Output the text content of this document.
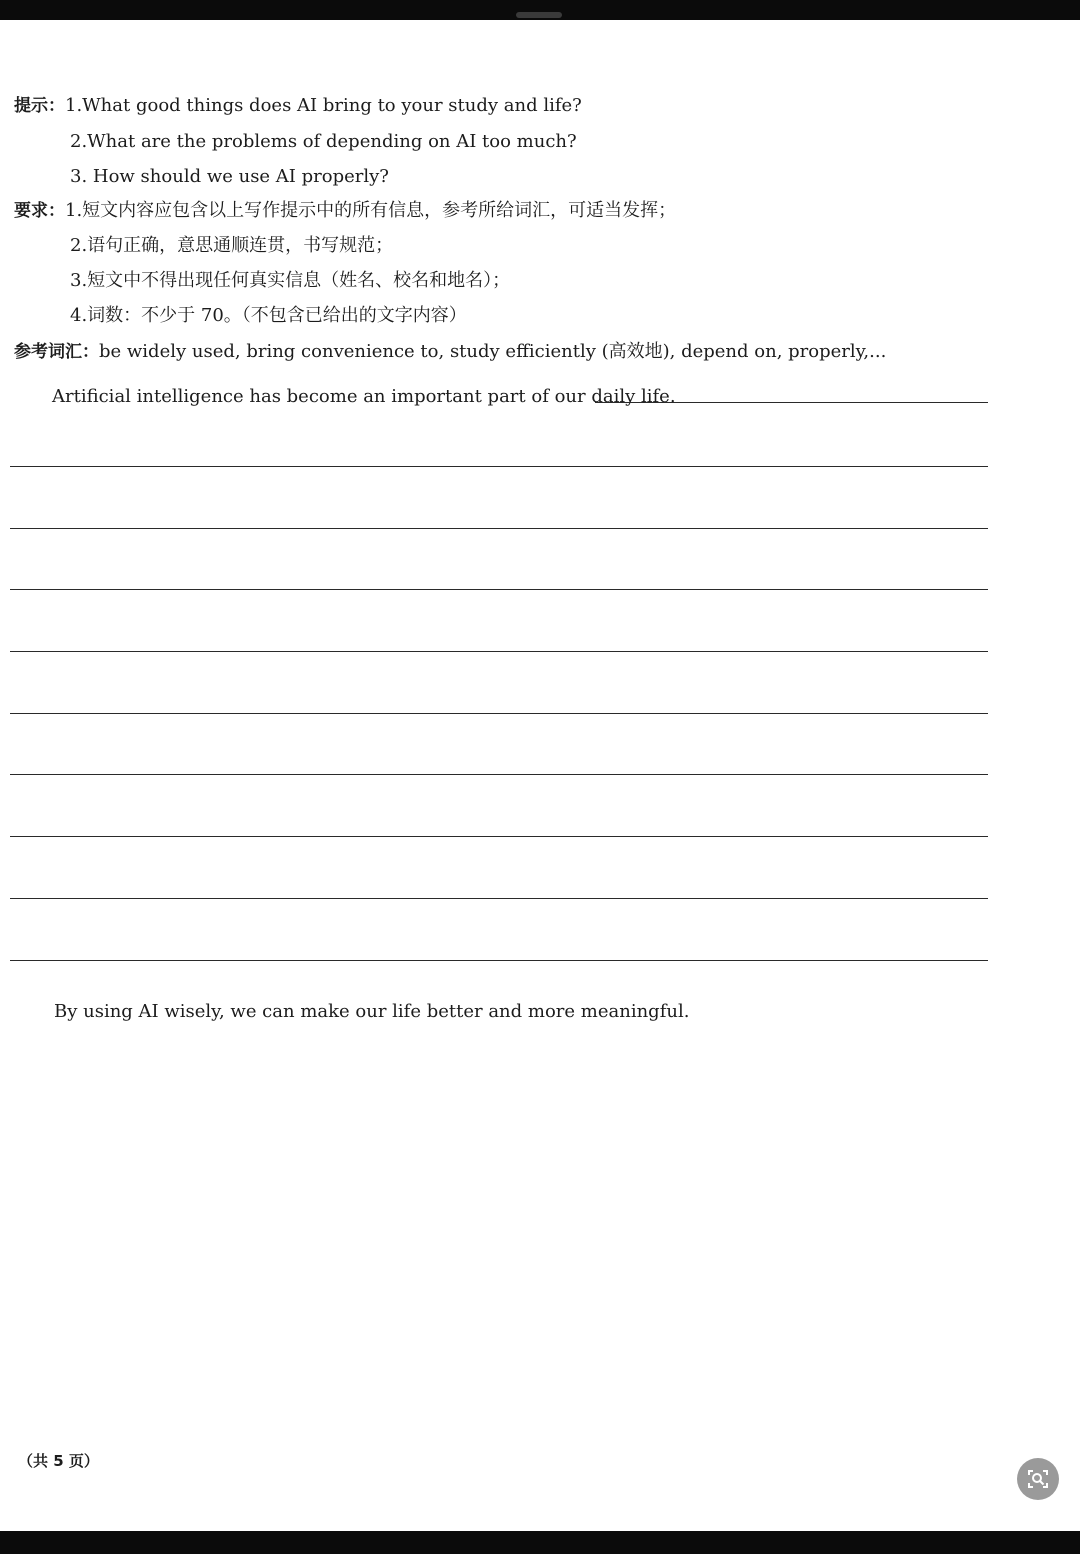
提示：1.What good things does AI bring to your study and life?
2.What are the problems of depending on AI too much?
3. How should we use AI properly?
要求：1.短文内容应包含以上写作提示中的所有信息，参考所给词汇，可适当发挥；
2.语句正确，意思通顺连贯，书写规范；
3.短文中不得出现任何真实信息（姓名、校名和地名）；
4.词数：不少于 70。（不包含已给出的文字内容）
参考词汇：be widely used, bring convenience to, study efficiently (高效地), depend on, properly,...
Artificial intelligence has become an important part of our daily life.
By using AI wisely, we can make our life better and more meaningful.
（共 5 页）
